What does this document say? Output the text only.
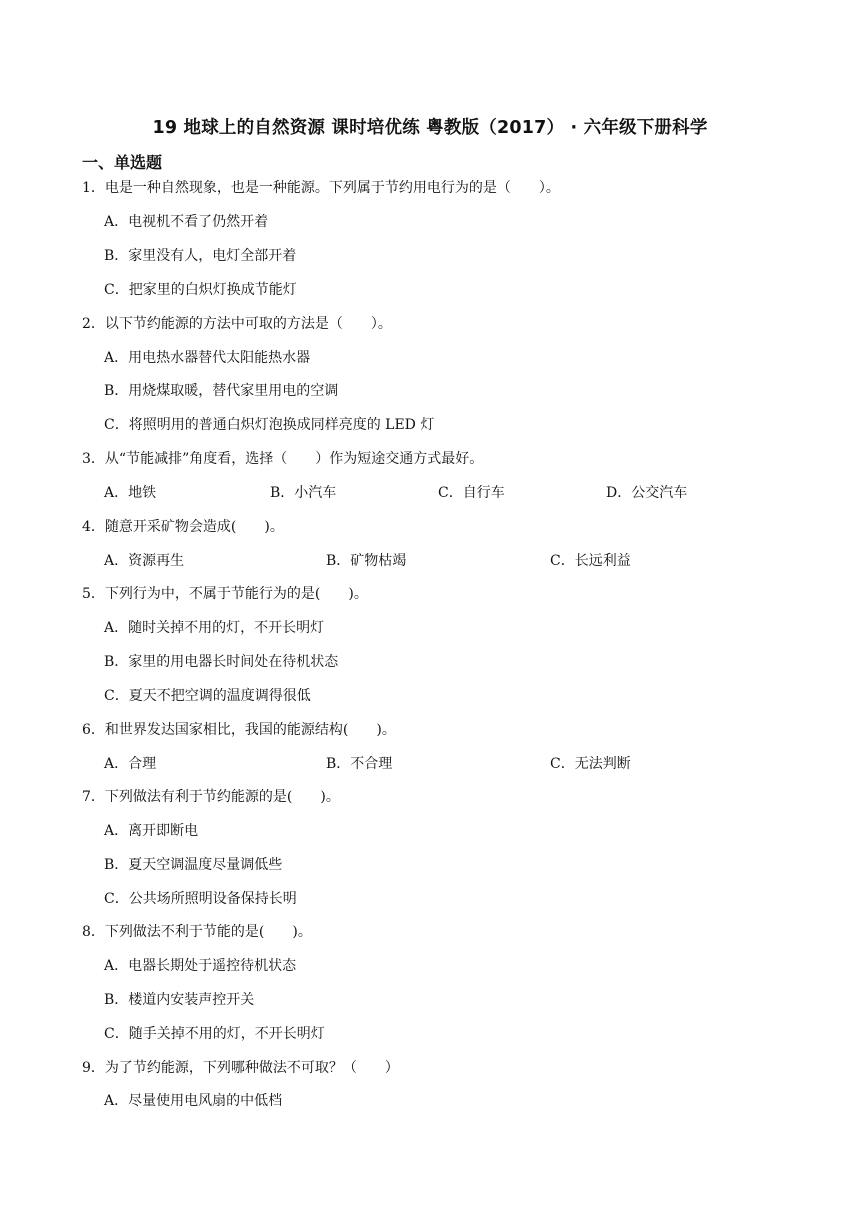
19 地球上的自然资源 课时培优练 粤教版（2017） · 六年级下册科学
一、单选题
1．电是一种自然现象，也是一种能源。下列属于节约用电行为的是（　　）。
A．电视机不看了仍然开着
B．家里没有人，电灯全部开着
C．把家里的白炽灯换成节能灯
2．以下节约能源的方法中可取的方法是（　　）。
A．用电热水器替代太阳能热水器
B．用烧煤取暖，替代家里用电的空调
C．将照明用的普通白炽灯泡换成同样亮度的 LED 灯
3．从“节能减排”角度看，选择（　　）作为短途交通方式最好。
A．地铁	B．小汽车	C．自行车	D．公交汽车
4．随意开采矿物会造成(　　)。
A．资源再生	B．矿物枯竭	C．长远利益
5．下列行为中，不属于节能行为的是(　　)。
A．随时关掉不用的灯，不开长明灯
B．家里的用电器长时间处在待机状态
C．夏天不把空调的温度调得很低
6．和世界发达国家相比，我国的能源结构(　　)。
A．合理	B．不合理	C．无法判断
7．下列做法有利于节约能源的是(　　)。
A．离开即断电
B．夏天空调温度尽量调低些
C．公共场所照明设备保持长明
8．下列做法不利于节能的是(　　)。
A．电器长期处于遥控待机状态
B．楼道内安装声控开关
C．随手关掉不用的灯，不开长明灯
9．为了节约能源，下列哪种做法不可取？（　　）
A．尽量使用电风扇的中低档
